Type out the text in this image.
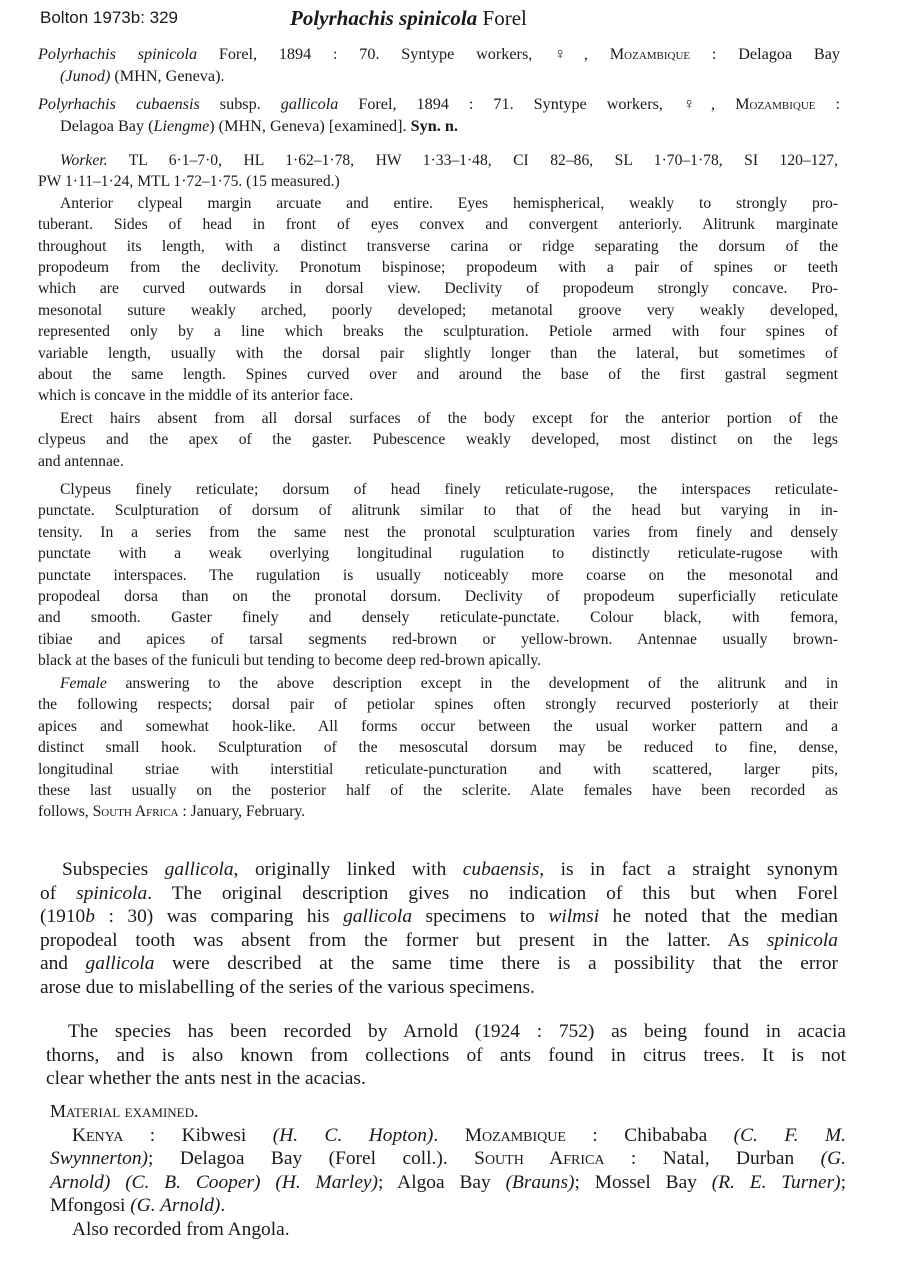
Bolton 1973b: 329	Polyrhachis spinicola Forel
Polyrhachis spinicola Forel, 1894 : 70. Syntype workers, ♀, Mozambique : Delagoa Bay
(Junod) (MHN, Geneva).
Polyrhachis cubaensis subsp. gallicola Forel, 1894 : 71. Syntype workers, ♀, Mozambique :
Delagoa Bay (Liengme) (MHN, Geneva) [examined]. Syn. n.
Worker. TL 6·1–7·0, HL 1·62–1·78, HW 1·33–1·48, CI 82–86, SL 1·70–1·78, SI 120–127,
PW 1·11–1·24, MTL 1·72–1·75. (15 measured.)
Anterior clypeal margin arcuate and entire. Eyes hemispherical, weakly to strongly pro-
tuberant. Sides of head in front of eyes convex and convergent anteriorly. Alitrunk marginate
throughout its length, with a distinct transverse carina or ridge separating the dorsum of the
propodeum from the declivity. Pronotum bispinose; propodeum with a pair of spines or teeth
which are curved outwards in dorsal view. Declivity of propodeum strongly concave. Pro-
mesonotal suture weakly arched, poorly developed; metanotal groove very weakly developed,
represented only by a line which breaks the sculpturation. Petiole armed with four spines of
variable length, usually with the dorsal pair slightly longer than the lateral, but sometimes of
about the same length. Spines curved over and around the base of the first gastral segment
which is concave in the middle of its anterior face.
Erect hairs absent from all dorsal surfaces of the body except for the anterior portion of the
clypeus and the apex of the gaster. Pubescence weakly developed, most distinct on the legs
and antennae.
Clypeus finely reticulate; dorsum of head finely reticulate-rugose, the interspaces reticulate-
punctate. Sculpturation of dorsum of alitrunk similar to that of the head but varying in in-
tensity. In a series from the same nest the pronotal sculpturation varies from finely and densely
punctate with a weak overlying longitudinal rugulation to distinctly reticulate-rugose with
punctate interspaces. The rugulation is usually noticeably more coarse on the mesonotal and
propodeal dorsa than on the pronotal dorsum. Declivity of propodeum superficially reticulate
and smooth. Gaster finely and densely reticulate-punctate. Colour black, with femora,
tibiae and apices of tarsal segments red-brown or yellow-brown. Antennae usually brown-
black at the bases of the funiculi but tending to become deep red-brown apically.
Female answering to the above description except in the development of the alitrunk and in
the following respects; dorsal pair of petiolar spines often strongly recurved posteriorly at their
apices and somewhat hook-like. All forms occur between the usual worker pattern and a
distinct small hook. Sculpturation of the mesoscutal dorsum may be reduced to fine, dense,
longitudinal striae with interstitial reticulate-puncturation and with scattered, larger pits,
these last usually on the posterior half of the sclerite. Alate females have been recorded as
follows, South Africa : January, February.
Subspecies gallicola, originally linked with cubaensis, is in fact a straight synonym
of spinicola. The original description gives no indication of this but when Forel
(1910b : 30) was comparing his gallicola specimens to wilmsi he noted that the median
propodeal tooth was absent from the former but present in the latter. As spinicola
and gallicola were described at the same time there is a possibility that the error
arose due to mislabelling of the series of the various specimens.
The species has been recorded by Arnold (1924 : 752) as being found in acacia
thorns, and is also known from collections of ants found in citrus trees. It is not
clear whether the ants nest in the acacias.
Material examined.
Kenya : Kibwesi (H. C. Hopton). Mozambique : Chibababa (C. F. M.
Swynnerton); Delagoa Bay (Forel coll.). South Africa : Natal, Durban (G.
Arnold) (C. B. Cooper) (H. Marley); Algoa Bay (Brauns); Mossel Bay (R. E. Turner);
Mfongosi (G. Arnold).
Also recorded from Angola.
